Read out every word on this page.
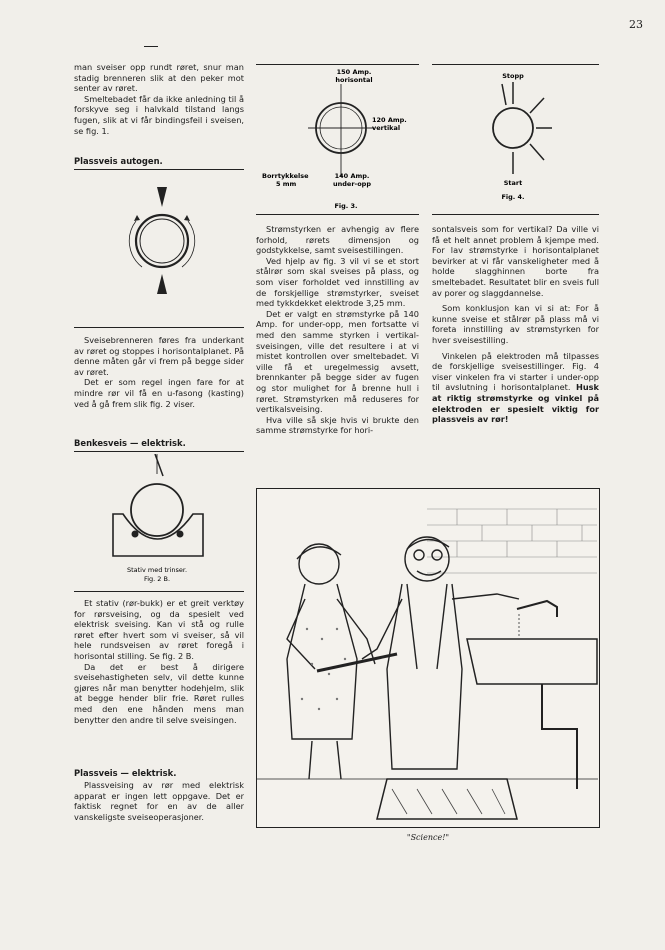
23

man sveiser opp rundt røret, snur man stadig brenneren slik at den peker mot senter av røret.

Smeltebadet får da ikke anledning til å forskyve seg i halvkald tilstand langs fugen, slik at vi får bindingsfeil i sveisen, se fig. 1.

Plassveis autogen.

Sveisebrenneren føres fra underkant av røret og stoppes i horisontalplanet. På denne måten går vi frem på begge sider av røret.

Det er som regel ingen fare for at mindre rør vil få en u-fasong (kasting) ved å gå frem slik fig. 2 viser.

Benkesveis — elektrisk.

Stativ med trinser.
Fig. 2 B.

Et stativ (rør-bukk) er et greit verktøy for rørsveising, og da spesielt ved elektrisk sveising. Kan vi stå og rulle røret efter hvert som vi sveiser, så vil hele rundsveisen av røret foregå i horisontal stilling. Se fig. 2 B.

Da det er best å dirigere sveisehastigheten selv, vil dette kunne gjøres når man benytter hodehjelm, slik at begge hender blir frie. Røret rulles med den ene hånden mens man benytter den andre til selve sveisingen.

Plassveis — elektrisk.

Plassveising av rør med elektrisk apparat er ingen lett oppgave. Det er faktisk regnet for en av de aller vanskeligste sveiseoperasjoner.

150 Amp.
horisontal
120 Amp.
vertikal
Borrtykkelse
5 mm
140 Amp.
under-opp
Fig. 3.
Stopp
Start
Fig. 4.

Strømstyrken er avhengig av flere forhold, rørets dimensjon og godstykkelse, samt sveisestillingen.

Ved hjelp av fig. 3 vil vi se et stort stålrør som skal sveises på plass, og som viser forholdet ved innstilling av de forskjellige strømstyrker, sveiset med tykkdekket elektrode 3,25 mm.

Det er valgt en strømstyrke på 140 Amp. for under-opp, men fortsatte vi med den samme styrken i vertikal-sveisingen, ville det resultere i at vi mistet kontrollen over smeltebadet. Vi ville få et uregelmessig avsett, brennkanter på begge sider av fugen og stor mulighet for å brenne hull i røret. Strømstyrken må reduseres for vertikalsveising.

Hva ville så skje hvis vi brukte den samme strømstyrke for hori-

sontalsveis som for vertikal? Da ville vi få et helt annet problem å kjempe med. For lav strømstyrke i horisontalplanet bevirker at vi får vanskeligheter med å holde slagghinnen borte fra smeltebadet. Resultatet blir en sveis full av porer og slaggdannelse.

Som konklusjon kan vi si at: For å kunne sveise et stålrør på plass må vi foreta innstilling av strømstyrken for hver sveisestilling.

Vinkelen på elektroden må tilpasses de forskjellige sveisestillinger. Fig. 4 viser vinkelen fra vi starter i under-opp til avslutning i horisontalplanet. Husk at riktig strømstyrke og vinkel på elektroden er spesielt viktig for plassveis av rør!

"Science!"
